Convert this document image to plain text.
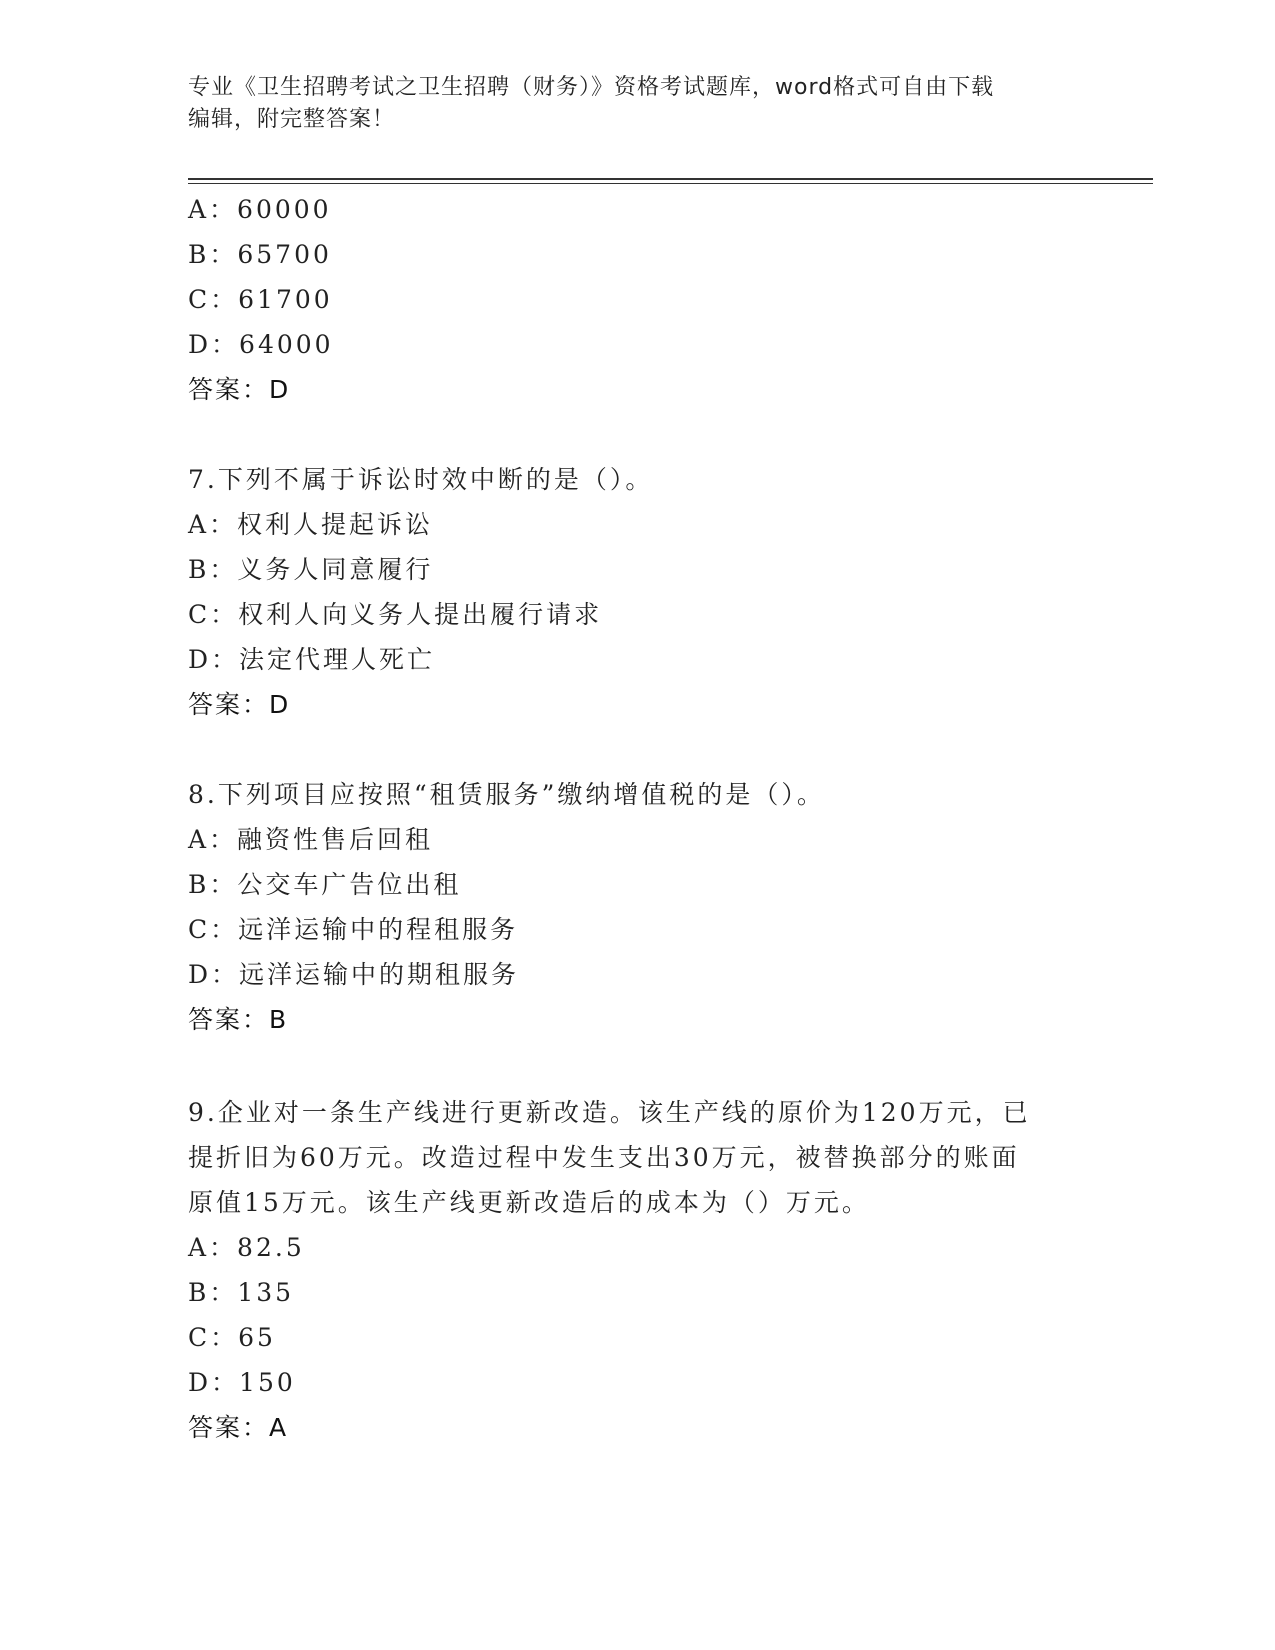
专业《卫生招聘考试之卫生招聘（财务）》资格考试题库，word格式可自由下载
编辑，附完整答案！
A：60000
B：65700
C：61700
D：64000
答案：D
7.下列不属于诉讼时效中断的是（）。
A：权利人提起诉讼
B：义务人同意履行
C：权利人向义务人提出履行请求
D：法定代理人死亡
答案：D
8.下列项目应按照“租赁服务”缴纳增值税的是（）。
A：融资性售后回租
B：公交车广告位出租
C：远洋运输中的程租服务
D：远洋运输中的期租服务
答案：B
9.企业对一条生产线进行更新改造。该生产线的原价为120万元，已
提折旧为60万元。改造过程中发生支出30万元，被替换部分的账面
原值15万元。该生产线更新改造后的成本为（）万元。
A：82.5
B：135
C：65
D：150
答案：A
